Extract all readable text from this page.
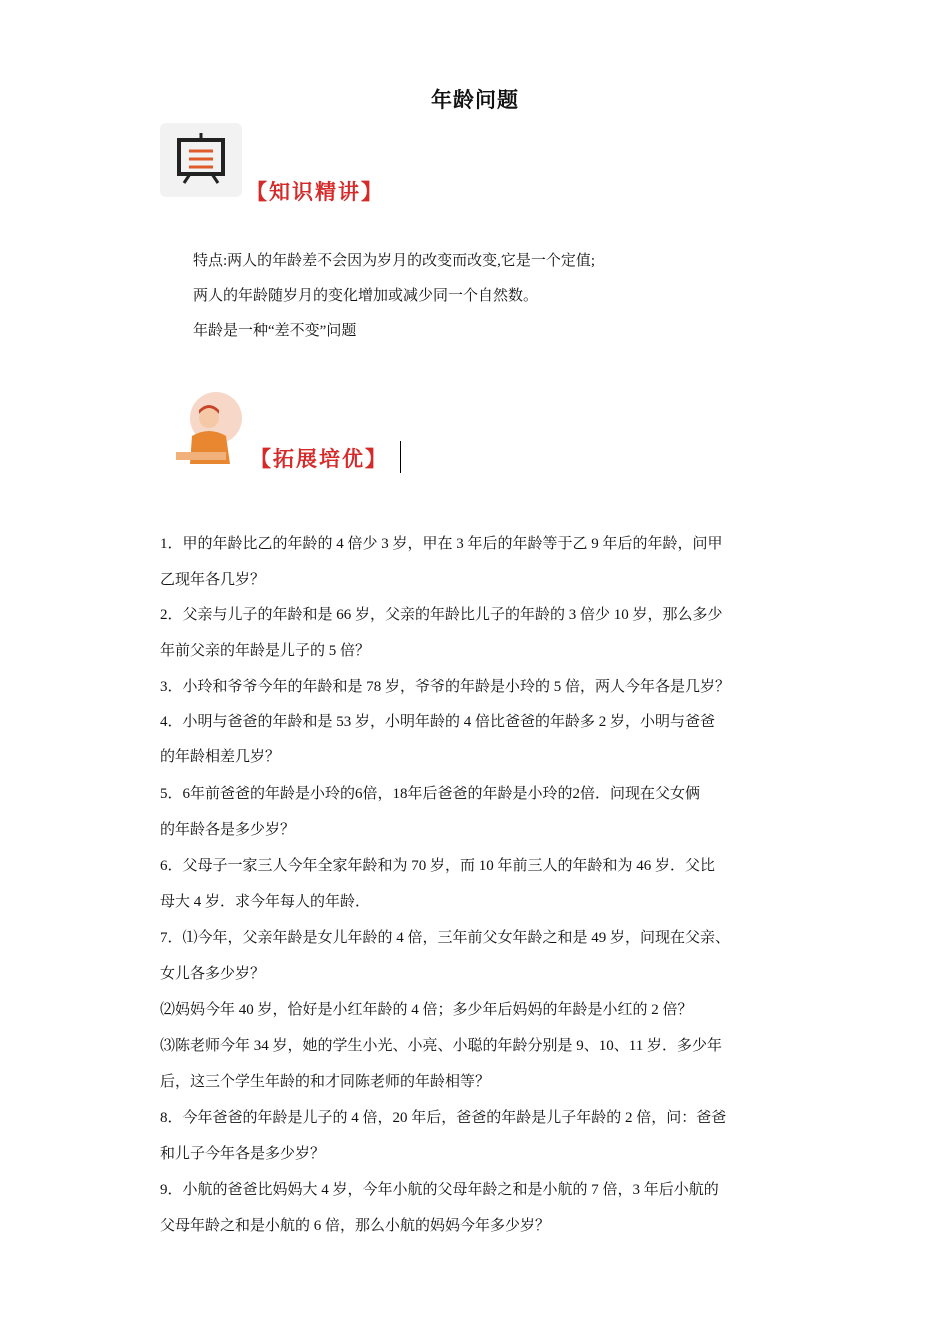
年龄问题
【知识精讲】
特点:两人的年龄差不会因为岁月的改变而改变,它是一个定值;
两人的年龄随岁月的变化增加或减少同一个自然数。
年龄是一种“差不变”问题
【拓展培优】
1．甲的年龄比乙的年龄的 4 倍少 3 岁，甲在 3 年后的年龄等于乙 9 年后的年龄，问甲
乙现年各几岁？
2．父亲与儿子的年龄和是 66 岁，父亲的年龄比儿子的年龄的 3 倍少 10 岁，那么多少
年前父亲的年龄是儿子的 5 倍？
3．小玲和爷爷今年的年龄和是 78 岁，爷爷的年龄是小玲的 5 倍，两人今年各是几岁？
4．小明与爸爸的年龄和是 53 岁，小明年龄的 4 倍比爸爸的年龄多 2 岁，小明与爸爸
的年龄相差几岁？
5．6年前爸爸的年龄是小玲的6倍，18年后爸爸的年龄是小玲的2倍．问现在父女俩
的年龄各是多少岁？
6．父母子一家三人今年全家年龄和为 70 岁，而 10 年前三人的年龄和为 46 岁．父比
母大 4 岁．求今年每人的年龄．
7．⑴今年，父亲年龄是女儿年龄的 4 倍，三年前父女年龄之和是 49 岁，问现在父亲、
女儿各多少岁？
⑵妈妈今年 40 岁，恰好是小红年龄的 4 倍；多少年后妈妈的年龄是小红的 2 倍？
⑶陈老师今年 34 岁，她的学生小光、小亮、小聪的年龄分别是 9、10、11 岁．多少年
后，这三个学生年龄的和才同陈老师的年龄相等？
8．今年爸爸的年龄是儿子的 4 倍，20 年后，爸爸的年龄是儿子年龄的 2 倍，问：爸爸
和儿子今年各是多少岁？
9．小航的爸爸比妈妈大 4 岁，今年小航的父母年龄之和是小航的 7 倍，3 年后小航的
父母年龄之和是小航的 6 倍，那么小航的妈妈今年多少岁？
